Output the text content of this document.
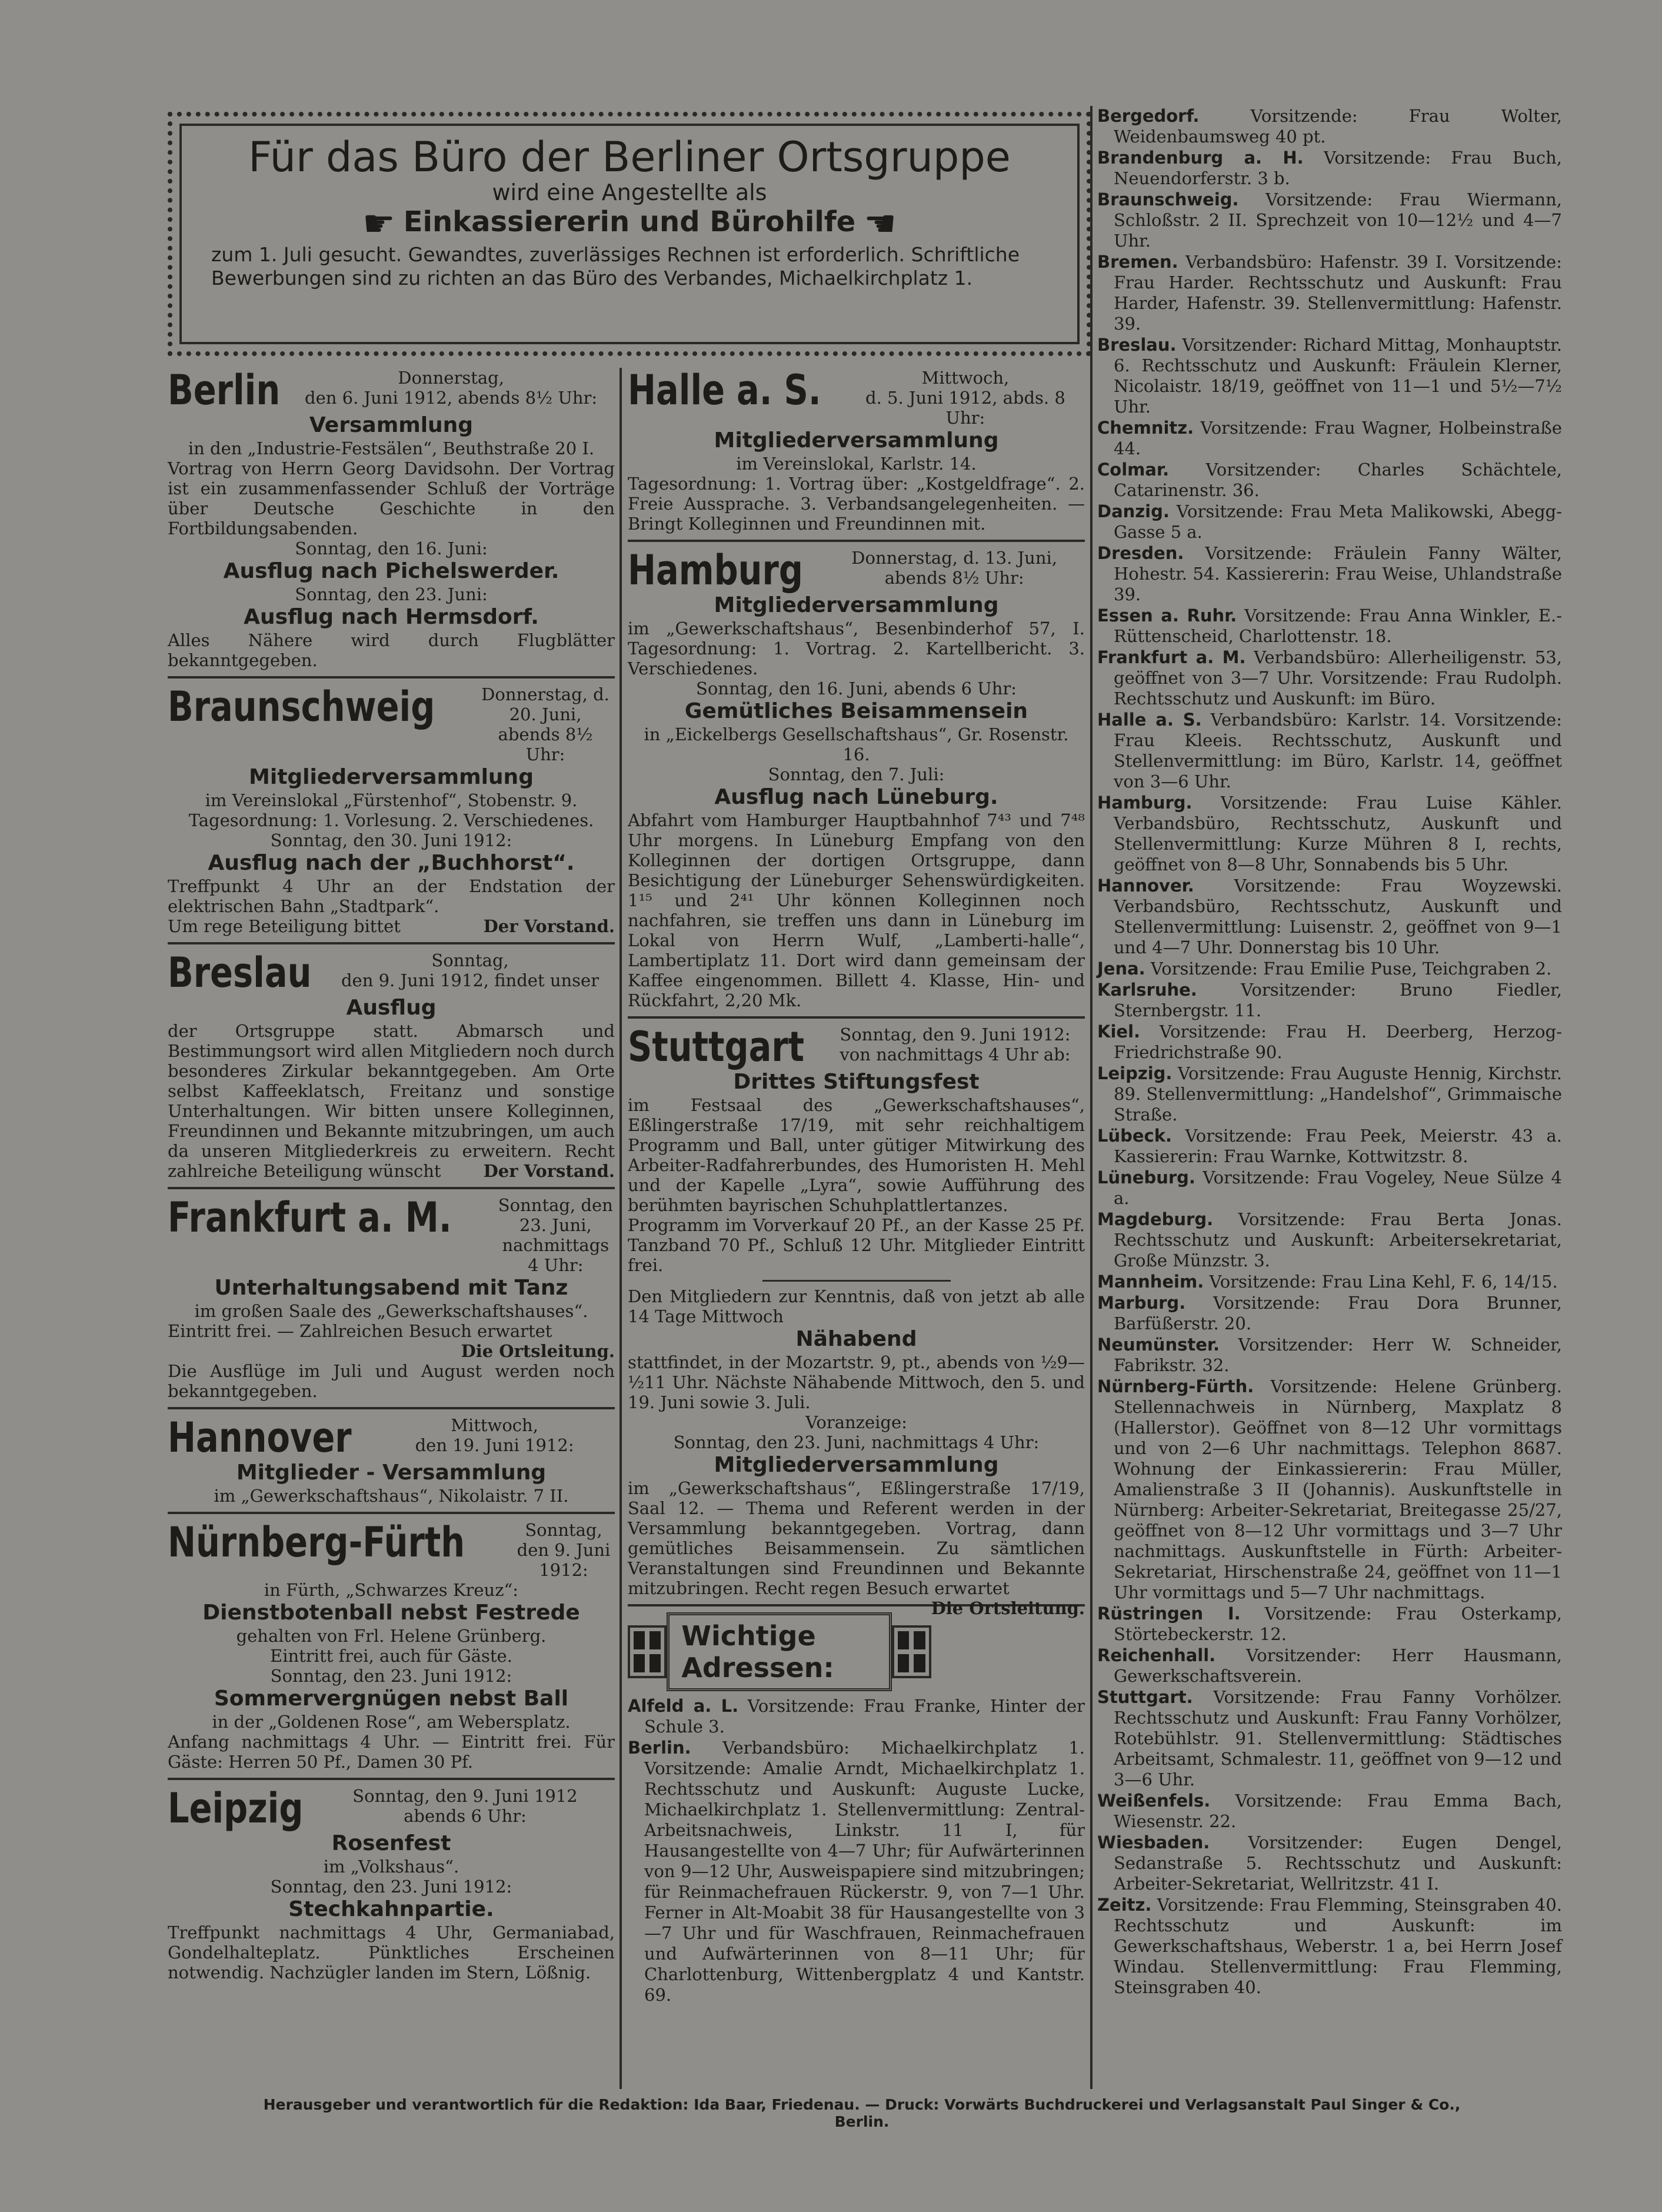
Für das Büro der Berliner Ortsgruppe
wird eine Angestellte als
☛ Einkassiererin und Bürohilfe ☚
zum 1. Juli gesucht. Gewandtes, zuverlässiges Rechnen ist erforderlich. Schriftliche Bewerbungen sind zu richten an das Büro des Verbandes, Michaelkirchplatz 1.
Berlin	Donnerstag,
den 6. Juni 1912, abends 8½ Uhr:

Versammlung

in den „Industrie-Festsälen“, Beuthstraße 20 I.

Vortrag von Herrn Georg Davidsohn. Der Vortrag ist ein zusammenfassender Schluß der Vorträge über Deutsche Geschichte in den Fortbildungsabenden.

Sonntag, den 16. Juni:

Ausflug nach Pichelswerder.

Sonntag, den 23. Juni:

Ausflug nach Hermsdorf.

Alles Nähere wird durch Flugblätter bekanntgegeben.

Braunschweig	Donnerstag, d. 20. Juni,
abends 8½ Uhr:

Mitgliederversammlung

im Vereinslokal „Fürstenhof“, Stobenstr. 9.

Tagesordnung: 1. Vorlesung. 2. Verschiedenes.

Sonntag, den 30. Juni 1912:

Ausflug nach der „Buchhorst“.

Treffpunkt 4 Uhr an der Endstation der elektrischen Bahn „Stadtpark“.

Um rege Beteiligung bittet	Der Vorstand.

Breslau	Sonntag,
den 9. Juni 1912, findet unser

Ausflug

der Ortsgruppe statt. Abmarsch und Bestimmungsort wird allen Mitgliedern noch durch besonderes Zirkular bekanntgegeben. Am Orte selbst Kaffeeklatsch, Freitanz und sonstige Unterhaltungen. Wir bitten unsere Kolleginnen, Freundinnen und Bekannte mitzubringen, um auch da unseren Mitgliederkreis zu erweitern. Recht zahlreiche Beteiligung wünscht Der Vorstand.

Frankfurt a. M.	Sonntag, den 23. Juni,
nachmittags 4 Uhr:

Unterhaltungsabend mit Tanz

im großen Saale des „Gewerkschaftshauses“.

Eintritt frei. — Zahlreichen Besuch erwartet

Die Ortsleitung.

Die Ausflüge im Juli und August werden noch bekanntgegeben.

Hannover	Mittwoch,
den 19. Juni 1912:

Mitglieder - Versammlung

im „Gewerkschaftshaus“, Nikolaistr. 7 II.

Nürnberg-Fürth	Sonntag,
den 9. Juni 1912:

in Fürth, „Schwarzes Kreuz“:

Dienstbotenball nebst Festrede

gehalten von Frl. Helene Grünberg.

Eintritt frei, auch für Gäste.

Sonntag, den 23. Juni 1912:

Sommervergnügen nebst Ball

in der „Goldenen Rose“, am Webersplatz.

Anfang nachmittags 4 Uhr. — Eintritt frei. Für Gäste: Herren 50 Pf., Damen 30 Pf.

Leipzig	Sonntag, den 9. Juni 1912
abends 6 Uhr:

Rosenfest

im „Volkshaus“.

Sonntag, den 23. Juni 1912:

Stechkahnpartie.

Treffpunkt nachmittags 4 Uhr, Germaniabad, Gondelhalteplatz. Pünktliches Erscheinen notwendig. Nachzügler landen im Stern, Lößnig.

Halle a. S.	Mittwoch,
d. 5. Juni 1912, abds. 8 Uhr:

Mitgliederversammlung

im Vereinslokal, Karlstr. 14.

Tagesordnung: 1. Vortrag über: „Kostgeldfrage“. 2. Freie Aussprache. 3. Verbandsangelegenheiten. — Bringt Kolleginnen und Freundinnen mit.

Hamburg	Donnerstag, d. 13. Juni,
abends 8½ Uhr:

Mitgliederversammlung

im „Gewerkschaftshaus“, Besenbinderhof 57, I. Tagesordnung: 1. Vortrag. 2. Kartellbericht. 3. Verschiedenes.

Sonntag, den 16. Juni, abends 6 Uhr:

Gemütliches Beisammensein

in „Eickelbergs Gesellschaftshaus“, Gr. Rosenstr. 16.

Sonntag, den 7. Juli:

Ausflug nach Lüneburg.

Abfahrt vom Hamburger Hauptbahnhof 7⁴³ und 7⁴⁸ Uhr morgens. In Lüneburg Empfang von den Kolleginnen der dortigen Ortsgruppe, dann Besichtigung der Lüneburger Sehenswürdigkeiten. 1¹⁵ und 2⁴¹ Uhr können Kolleginnen noch nachfahren, sie treffen uns dann in Lüneburg im Lokal von Herrn Wulf, „Lamberti-halle“, Lambertiplatz 11. Dort wird dann gemeinsam der Kaffee eingenommen. Billett 4. Klasse, Hin- und Rückfahrt, 2,20 Mk.

Stuttgart	Sonntag, den 9. Juni 1912:
von nachmittags 4 Uhr ab:

Drittes Stiftungsfest

im Festsaal des „Gewerkschaftshauses“, Eßlingerstraße 17/19, mit sehr reichhaltigem Programm und Ball, unter gütiger Mitwirkung des Arbeiter-Radfahrerbundes, des Humoristen H. Mehl und der Kapelle „Lyra“, sowie Aufführung des berühmten bayrischen Schuhplattlertanzes.

Programm im Vorverkauf 20 Pf., an der Kasse 25 Pf. Tanzband 70 Pf., Schluß 12 Uhr. Mitglieder Eintritt frei.

Den Mitgliedern zur Kenntnis, daß von jetzt ab alle 14 Tage Mittwoch

Nähabend

stattfindet, in der Mozartstr. 9, pt., abends von ½9—½11 Uhr. Nächste Nähabende Mittwoch, den 5. und 19. Juni sowie 3. Juli.

Voranzeige:

Sonntag, den 23. Juni, nachmittags 4 Uhr:

Mitgliederversammlung

im „Gewerkschaftshaus“, Eßlingerstraße 17/19, Saal 12. — Thema und Referent werden in der Versammlung bekanntgegeben. Vortrag, dann gemütliches Beisammensein. Zu sämtlichen Veranstaltungen sind Freundinnen und Bekannte mitzubringen. Recht regen Besuch erwartet
Die Ortsleitung.

Wichtige Adressen:

Alfeld a. L. Vorsitzende: Frau Franke, Hinter der Schule 3.

Berlin. Verbandsbüro: Michaelkirchplatz 1. Vorsitzende: Amalie Arndt, Michaelkirchplatz 1. Rechtsschutz und Auskunft: Auguste Lucke, Michaelkirchplatz 1. Stellenvermittlung: Zentral-Arbeitsnachweis, Linkstr. 11 I, für Hausangestellte von 4—7 Uhr; für Aufwärterinnen von 9—12 Uhr, Ausweispapiere sind mitzubringen; für Reinmachefrauen Rückerstr. 9, von 7—1 Uhr. Ferner in Alt-Moabit 38 für Hausangestellte von 3—7 Uhr und für Waschfrauen, Reinmachefrauen und Aufwärterinnen von 8—11 Uhr; für Charlottenburg, Wittenbergplatz 4 und Kantstr. 69.

Bergedorf.	Vorsitzende: Frau Wolter, Weidenbaumsweg 40 pt.

Brandenburg a. H. Vorsitzende: Frau Buch, Neuendorferstr. 3 b.

Braunschweig. Vorsitzende: Frau Wiermann, Schloßstr. 2 II. Sprechzeit von 10—12½ und 4—7 Uhr.

Bremen. Verbandsbüro: Hafenstr. 39 I. Vorsitzende: Frau Harder. Rechtsschutz und Auskunft: Frau Harder, Hafenstr. 39. Stellenvermittlung: Hafenstr. 39.

Breslau. Vorsitzender: Richard Mittag, Monhauptstr. 6. Rechtsschutz und Auskunft: Fräulein Klerner, Nicolaistr. 18/19, geöffnet von 11—1 und 5½—7½ Uhr.

Chemnitz. Vorsitzende: Frau Wagner, Holbeinstraße 44.

Colmar. Vorsitzender: Charles Schächtele, Catarinenstr. 36.

Danzig. Vorsitzende: Frau Meta Malikowski, Abegg-Gasse 5 a.

Dresden. Vorsitzende: Fräulein Fanny Wälter, Hohestr. 54. Kassiererin: Frau Weise, Uhlandstraße 39.

Essen a. Ruhr. Vorsitzende: Frau Anna Winkler, E.-Rüttenscheid, Charlottenstr. 18.

Frankfurt a. M. Verbandsbüro: Allerheiligenstr. 53, geöffnet von 3—7 Uhr. Vorsitzende: Frau Rudolph. Rechtsschutz und Auskunft: im Büro.

Halle a. S. Verbandsbüro: Karlstr. 14. Vorsitzende: Frau Kleeis. Rechtsschutz, Auskunft und Stellenvermittlung: im Büro, Karlstr. 14, geöffnet von 3—6 Uhr.

Hamburg. Vorsitzende: Frau Luise Kähler. Verbandsbüro, Rechtsschutz, Auskunft und Stellenvermittlung: Kurze Mühren 8 I, rechts, geöffnet von 8—8 Uhr, Sonnabends bis 5 Uhr.

Hannover. Vorsitzende: Frau Woyzewski. Verbandsbüro, Rechtsschutz, Auskunft und Stellenvermittlung: Luisenstr. 2, geöffnet von 9—1 und 4—7 Uhr. Donnerstag bis 10 Uhr.

Jena. Vorsitzende: Frau Emilie Puse, Teichgraben 2.

Karlsruhe.	Vorsitzender: Bruno Fiedler, Sternbergstr. 11.

Kiel. Vorsitzende: Frau H. Deerberg, Herzog-Friedrichstraße 90.

Leipzig. Vorsitzende: Frau Auguste Hennig, Kirchstr. 89. Stellenvermittlung: „Handelshof“, Grimmaische Straße.

Lübeck. Vorsitzende: Frau Peek, Meierstr. 43 a. Kassiererin: Frau Warnke, Kottwitzstr. 8.

Lüneburg. Vorsitzende: Frau Vogeley, Neue Sülze 4 a.

Magdeburg. Vorsitzende: Frau Berta Jonas. Rechtsschutz und Auskunft: Arbeitersekretariat, Große Münzstr. 3.

Mannheim. Vorsitzende: Frau Lina Kehl, F. 6, 14/15.

Marburg. Vorsitzende: Frau Dora Brunner, Barfüßerstr. 20.

Neumünster. Vorsitzender: Herr W. Schneider, Fabrikstr. 32.

Nürnberg-Fürth. Vorsitzende: Helene Grünberg. Stellennachweis in Nürnberg, Maxplatz 8 (Hallerstor). Geöffnet von 8—12 Uhr vormittags und von 2—6 Uhr nachmittags. Telephon 8687. Wohnung der Einkassiererin: Frau Müller, Amalienstraße 3 II (Johannis). Auskunftstelle in Nürnberg: Arbeiter-Sekretariat, Breitegasse 25/27, geöffnet von 8—12 Uhr vormittags und 3—7 Uhr nachmittags. Auskunftstelle in Fürth: Arbeiter-Sekretariat, Hirschenstraße 24, geöffnet von 11—1 Uhr vormittags und 5—7 Uhr nachmittags.

Rüstringen I. Vorsitzende: Frau Osterkamp, Störtebeckerstr. 12.

Reichenhall. Vorsitzender: Herr Hausmann, Gewerkschaftsverein.

Stuttgart. Vorsitzende: Frau Fanny Vorhölzer. Rechtsschutz und Auskunft: Frau Fanny Vorhölzer, Rotebühlstr. 91. Stellenvermittlung: Städtisches Arbeitsamt, Schmalestr. 11, geöffnet von 9—12 und 3—6 Uhr.

Weißenfels. Vorsitzende: Frau Emma Bach, Wiesenstr. 22.

Wiesbaden. Vorsitzender: Eugen Dengel, Sedanstraße 5. Rechtsschutz und Auskunft: Arbeiter-Sekretariat, Wellritzstr. 41 I.

Zeitz. Vorsitzende: Frau Flemming, Steinsgraben 40. Rechtsschutz und Auskunft: im Gewerkschaftshaus, Weberstr. 1 a, bei Herrn Josef Windau. Stellenvermittlung: Frau Flemming, Steinsgraben 40.

Herausgeber und verantwortlich für die Redaktion: Ida Baar, Friedenau. — Druck: Vorwärts Buchdruckerei und Verlagsanstalt Paul Singer & Co., Berlin.
